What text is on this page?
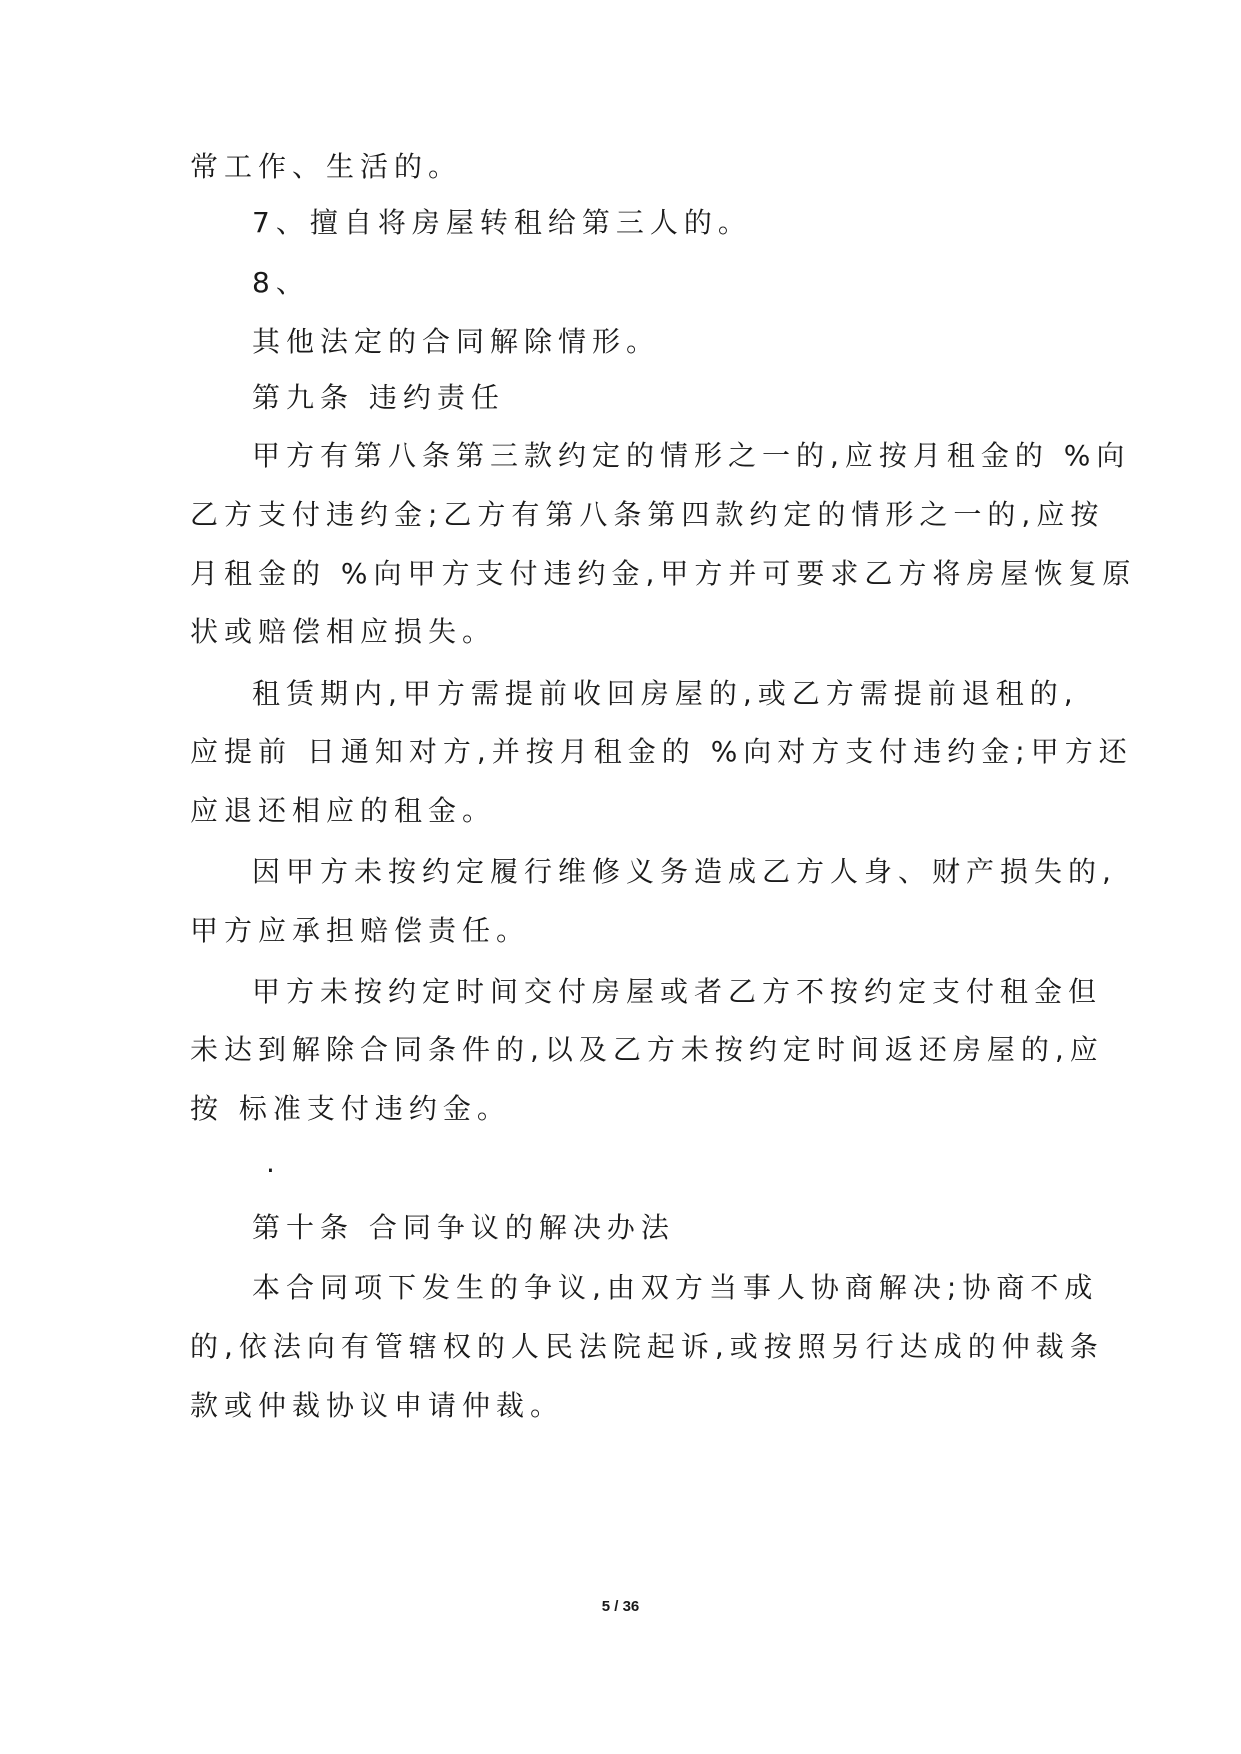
常工作、生活的。
7、擅自将房屋转租给第三人的。
8、
其他法定的合同解除情形。
第九条 违约责任
甲方有第八条第三款约定的情形之一的,应按月租金的 %向
乙方支付违约金;乙方有第八条第四款约定的情形之一的,应按
月租金的 %向甲方支付违约金,甲方并可要求乙方将房屋恢复原
状或赔偿相应损失。
租赁期内,甲方需提前收回房屋的,或乙方需提前退租的,
应提前 日通知对方,并按月租金的 %向对方支付违约金;甲方还
应退还相应的租金。
因甲方未按约定履行维修义务造成乙方人身、财产损失的,
甲方应承担赔偿责任。
甲方未按约定时间交付房屋或者乙方不按约定支付租金但
未达到解除合同条件的,以及乙方未按约定时间返还房屋的,应
按 标准支付违约金。
.
第十条 合同争议的解决办法
本合同项下发生的争议,由双方当事人协商解决;协商不成
的,依法向有管辖权的人民法院起诉,或按照另行达成的仲裁条
款或仲裁协议申请仲裁。
5 / 36
